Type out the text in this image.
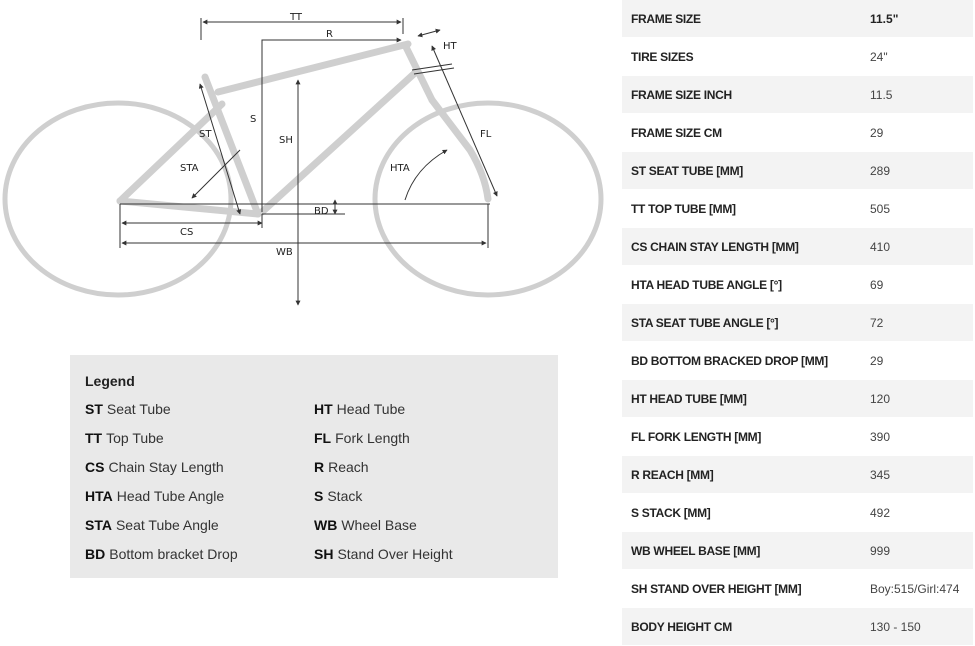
TT
R
HT
ST
S
SH
STA	HTA
FL
BD
CS
WB
Legend
ST Seat Tube
TT Top Tube
CS Chain Stay Length
HTA Head Tube Angle
STA Seat Tube Angle
BD Bottom bracket Drop
HT Head Tube
FL Fork Length
R Reach
S Stack
WB Wheel Base
SH Stand Over Height
FRAME SIZE	11.5"
TIRE SIZES	24"
FRAME SIZE INCH	11.5
FRAME SIZE CM	29
ST SEAT TUBE [MM]	289
TT TOP TUBE [MM]	505
CS CHAIN STAY LENGTH [MM]	410
HTA HEAD TUBE ANGLE [°]	69
STA SEAT TUBE ANGLE [°]	72
BD BOTTOM BRACKED DROP [MM]	29
HT HEAD TUBE [MM]	120
FL FORK LENGTH [MM]	390
R REACH [MM]	345
S STACK [MM]	492
WB WHEEL BASE [MM]	999
SH STAND OVER HEIGHT [MM]	Boy:515/Girl:474
BODY HEIGHT CM	130 - 150
